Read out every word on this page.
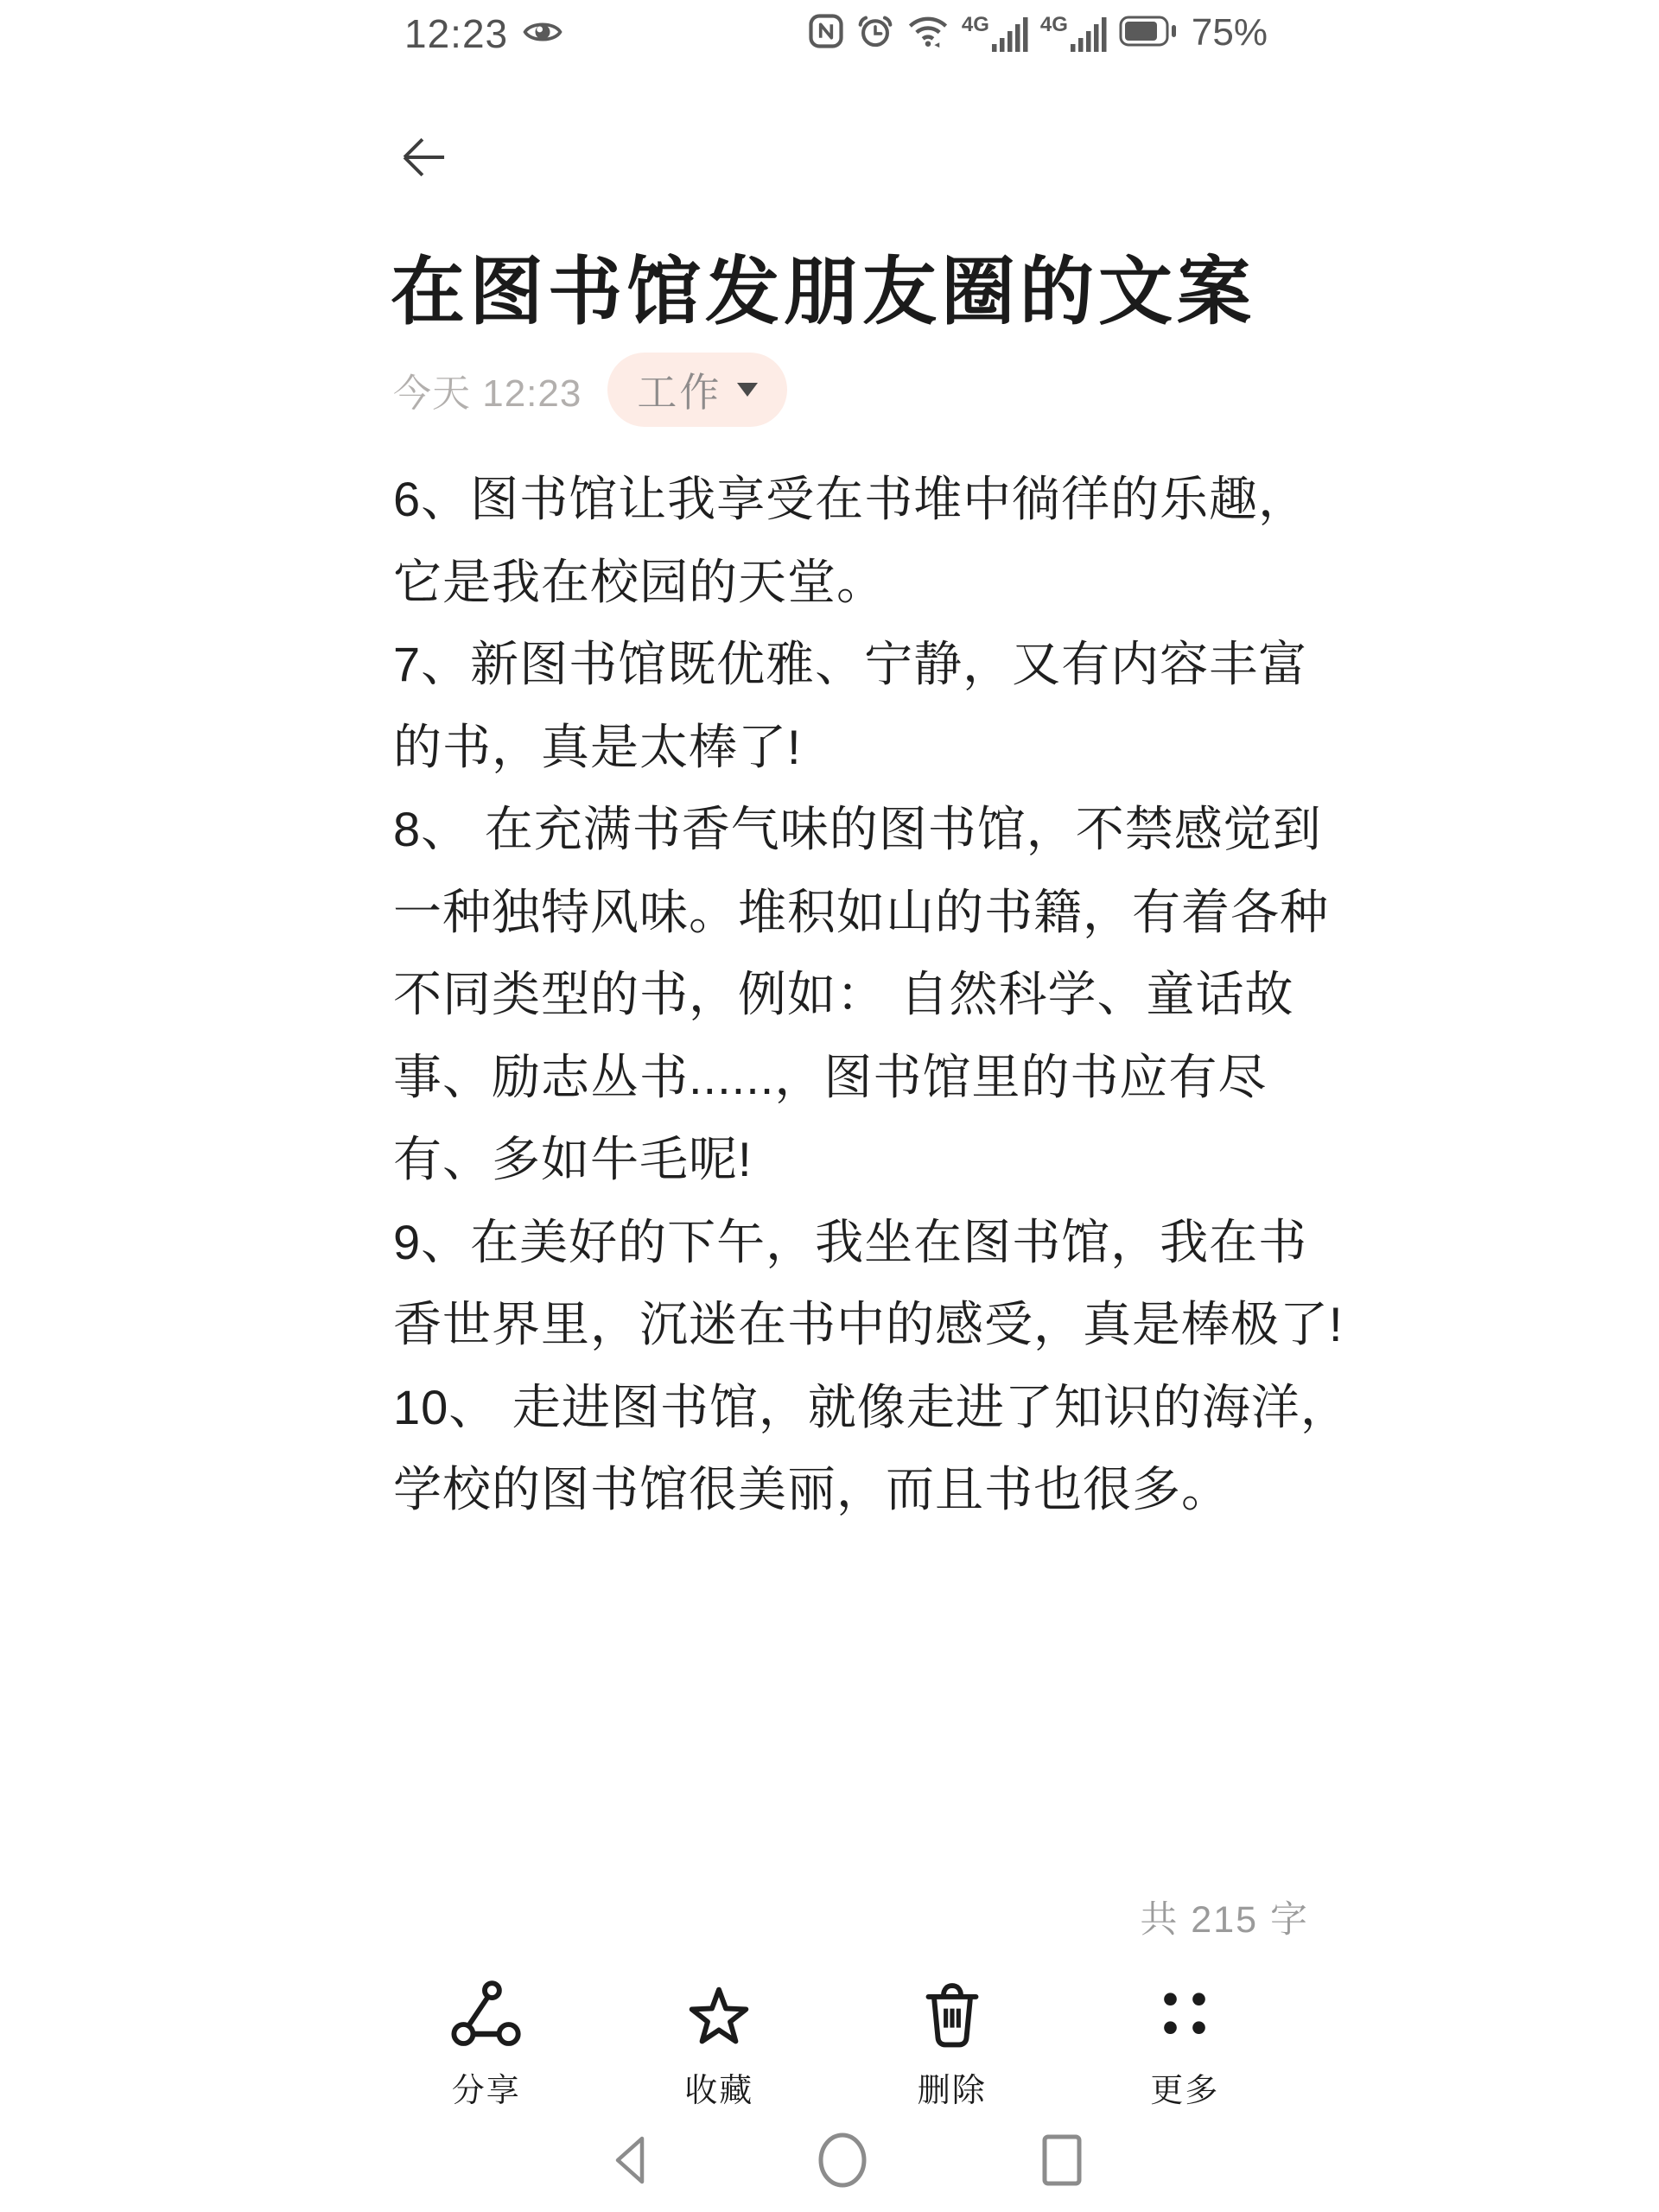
12:23	4G 4G	75%
在图书馆发朋友圈的文案
今天 12:23 工作
6、图书馆让我享受在书堆中徜徉的乐趣，
它是我在校园的天堂。
7、新图书馆既优雅、宁静，又有内容丰富
的书，真是太棒了!
8、 在充满书香气味的图书馆，不禁感觉到
一种独特风味。堆积如山的书籍，有着各种
不同类型的书，例如： 自然科学、童话故
事、励志丛书......，图书馆里的书应有尽
有、多如牛毛呢!
9、在美好的下午，我坐在图书馆，我在书
香世界里，沉迷在书中的感受，真是棒极了!
10、 走进图书馆，就像走进了知识的海洋，
学校的图书馆很美丽，而且书也很多。
共 215 字
分享	收藏	删除	更多
